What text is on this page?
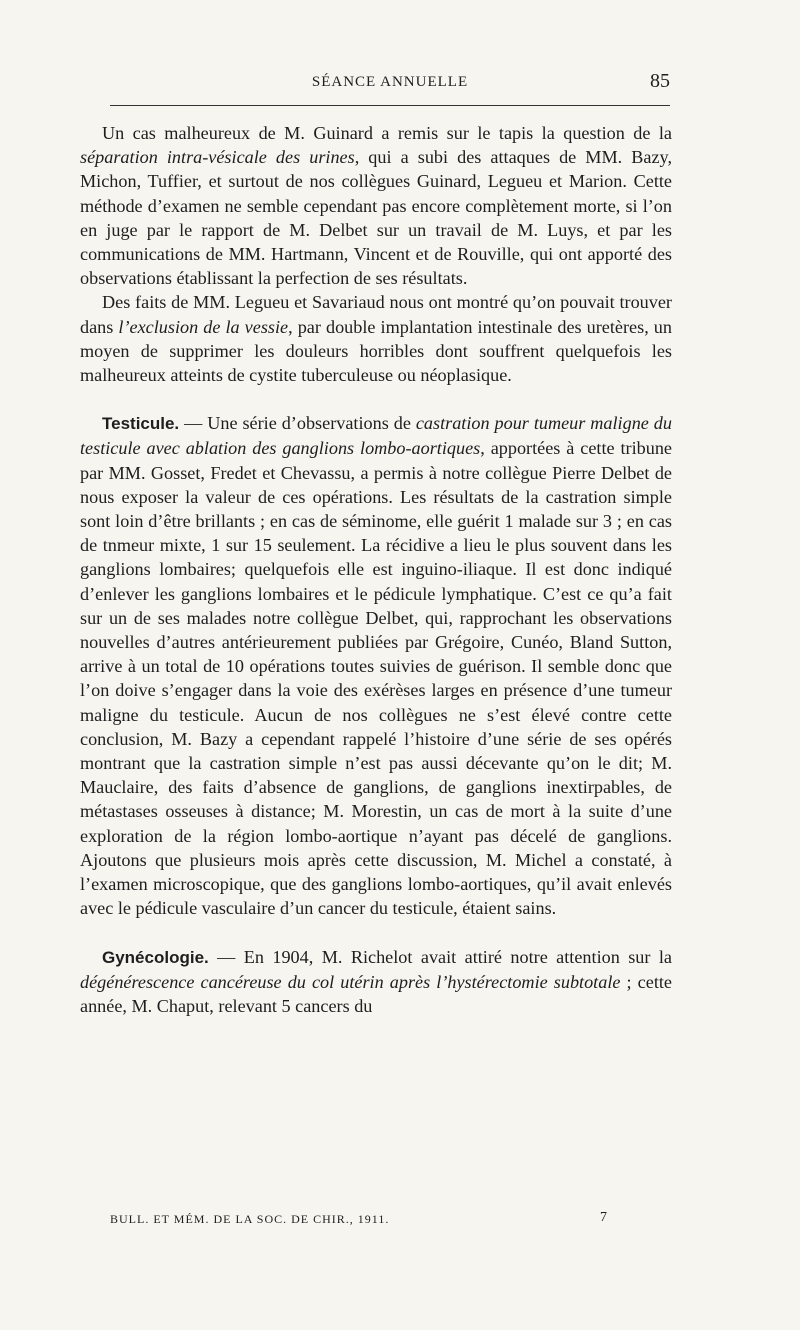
SÉANCE ANNUELLE	85

Un cas malheureux de M. Guinard a remis sur le tapis la question de la séparation intra-vésicale des urines, qui a subi des attaques de MM. Bazy, Michon, Tuffier, et surtout de nos collègues Guinard, Legueu et Marion. Cette méthode d’examen ne semble cependant pas encore complètement morte, si l’on en juge par le rapport de M. Delbet sur un travail de M. Luys, et par les communications de MM. Hartmann, Vincent et de Rouville, qui ont apporté des observations établissant la perfection de ses résultats.

Des faits de MM. Legueu et Savariaud nous ont montré qu’on pouvait trouver dans l’exclusion de la vessie, par double implantation intestinale des uretères, un moyen de supprimer les douleurs horribles dont souffrent quelquefois les malheureux atteints de cystite tuberculeuse ou néoplasique.

Testicule. — Une série d’observations de castration pour tumeur maligne du testicule avec ablation des ganglions lombo-aortiques, apportées à cette tribune par MM. Gosset, Fredet et Chevassu, a permis à notre collègue Pierre Delbet de nous exposer la valeur de ces opérations. Les résultats de la castration simple sont loin d’être brillants ; en cas de séminome, elle guérit 1 malade sur 3 ; en cas de tnmeur mixte, 1 sur 15 seulement. La récidive a lieu le plus souvent dans les ganglions lombaires; quelquefois elle est inguino-iliaque. Il est donc indiqué d’enlever les ganglions lombaires et le pédicule lymphatique. C’est ce qu’a fait sur un de ses malades notre collègue Delbet, qui, rapprochant les observations nouvelles d’autres antérieurement publiées par Grégoire, Cunéo, Bland Sutton, arrive à un total de 10 opérations toutes suivies de guérison. Il semble donc que l’on doive s’engager dans la voie des exérèses larges en présence d’une tumeur maligne du testicule. Aucun de nos collègues ne s’est élevé contre cette conclusion, M. Bazy a cependant rappelé l’histoire d’une série de ses opérés montrant que la castration simple n’est pas aussi décevante qu’on le dit; M. Mauclaire, des faits d’absence de ganglions, de ganglions inextirpables, de métastases osseuses à distance; M. Morestin, un cas de mort à la suite d’une exploration de la région lombo-aortique n’ayant pas décelé de ganglions. Ajoutons que plusieurs mois après cette discussion, M. Michel a constaté, à l’examen microscopique, que des ganglions lombo-aortiques, qu’il avait enlevés avec le pédicule vasculaire d’un cancer du testicule, étaient sains.

Gynécologie. — En 1904, M. Richelot avait attiré notre attention sur la dégénérescence cancéreuse du col utérin après l’hystérectomie subtotale ; cette année, M. Chaput, relevant 5 cancers du

BULL. ET MÉM. DE LA SOC. DE CHIR., 1911.	7
